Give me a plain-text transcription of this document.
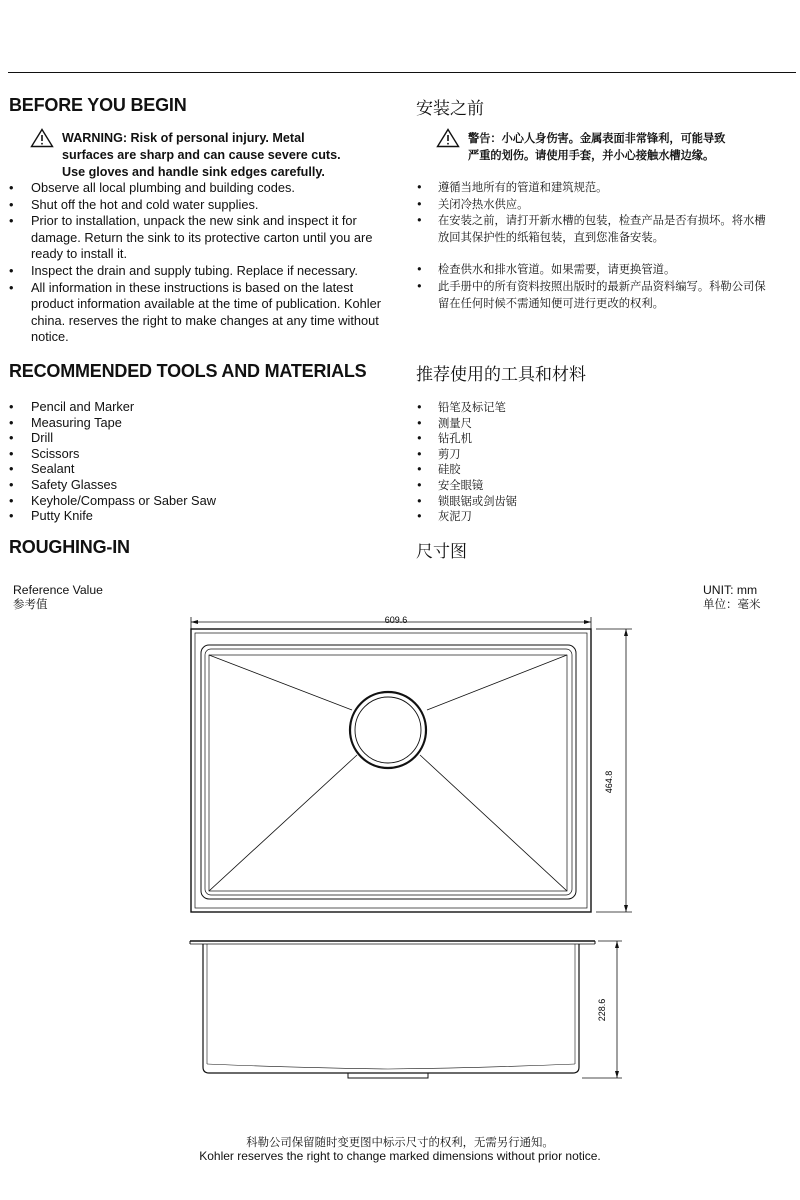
BEFORE YOU BEGIN	安装之前
WARNING: Risk of personal injury. Metal
surfaces are sharp and can cause severe cuts.
Use gloves and handle sink edges carefully.
警告：小心人身伤害。金属表面非常锋利，可能导致
严重的划伤。请使用手套，并小心接触水槽边缘。
• Observe all local plumbing and building codes.
• Shut off the hot and cold water supplies.
• Prior to installation, unpack the new sink and inspect it for damage. Return the sink to its protective carton until you are ready to install it.
• Inspect the drain and supply tubing. Replace if necessary.
• All information in these instructions is based on the latest product information available at the time of publication. Kohler china. reserves the right to make changes at any time without notice.
• 遵循当地所有的管道和建筑规范。
• 关闭冷热水供应。
• 在安装之前，请打开新水槽的包装，检查产品是否有损坏。将水槽放回其保护性的纸箱包装，直到您准备安装。
• 检查供水和排水管道。如果需要，请更换管道。
• 此手册中的所有资料按照出版时的最新产品资料编写。科勒公司保留在任何时候不需通知便可进行更改的权利。
RECOMMENDED TOOLS AND MATERIALS	推荐使用的工具和材料
• Pencil and Marker
• Measuring Tape
• Drill
• Scissors
• Sealant
• Safety Glasses
• Keyhole/Compass or Saber Saw
• Putty Knife
• 铅笔及标记笔
• 测量尺
• 钻孔机
• 剪刀
• 硅胶
• 安全眼镜
• 锁眼锯或剑齿锯
• 灰泥刀
ROUGHING-IN	尺寸图
Reference Value
参考值
UNIT: mm
单位：毫米
609.6
464.8
228.6
科勒公司保留随时变更图中标示尺寸的权利，无需另行通知。
Kohler reserves the right to change marked dimensions without prior notice.
